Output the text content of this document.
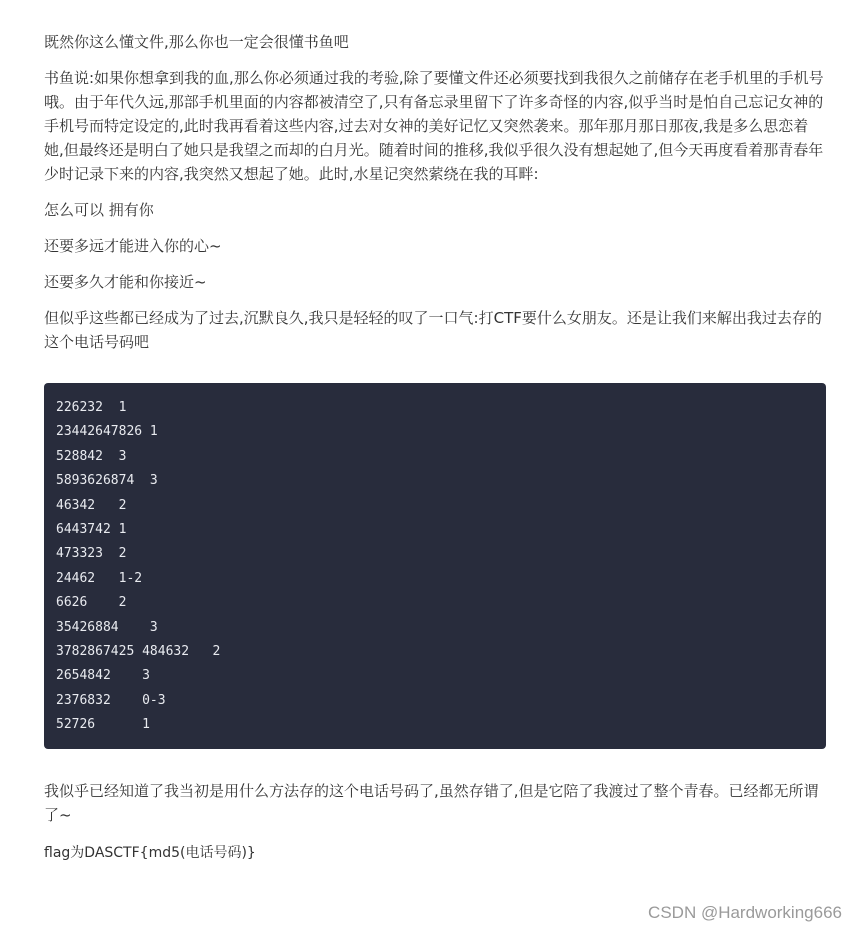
既然你这么懂文件,那么你也一定会很懂书鱼吧

书鱼说:如果你想拿到我的血,那么你必须通过我的考验,除了要懂文件还必须要找到我很久之前储存在老手机里的手机号哦。由于年代久远,那部手机里面的内容都被清空了,只有备忘录里留下了许多奇怪的内容,似乎当时是怕自己忘记女神的手机号而特定设定的,此时我再看着这些内容,过去对女神的美好记忆又突然袭来。那年那月那日那夜,我是多么思恋着她,但最终还是明白了她只是我望之而却的白月光。随着时间的推移,我似乎很久没有想起她了,但今天再度看着那青春年少时记录下来的内容,我突然又想起了她。此时,水星记突然萦绕在我的耳畔:

怎么可以 拥有你

还要多远才能进入你的心~

还要多久才能和你接近~

但似乎这些都已经成为了过去,沉默良久,我只是轻轻的叹了一口气:打CTF要什么女朋友。还是让我们来解出我过去存的这个电话号码吧

226232  1
23442647826 1
528842  3
5893626874  3
46342   2
6443742 1
473323  2
24462   1-2
6626    2
35426884    3
3782867425 484632   2
2654842    3
2376832    0-3
52726      1

我似乎已经知道了我当初是用什么方法存的这个电话号码了,虽然存错了,但是它陪了我渡过了整个青春。已经都无所谓了~

flag为DASCTF{md5(电话号码)}

CSDN @Hardworking666
